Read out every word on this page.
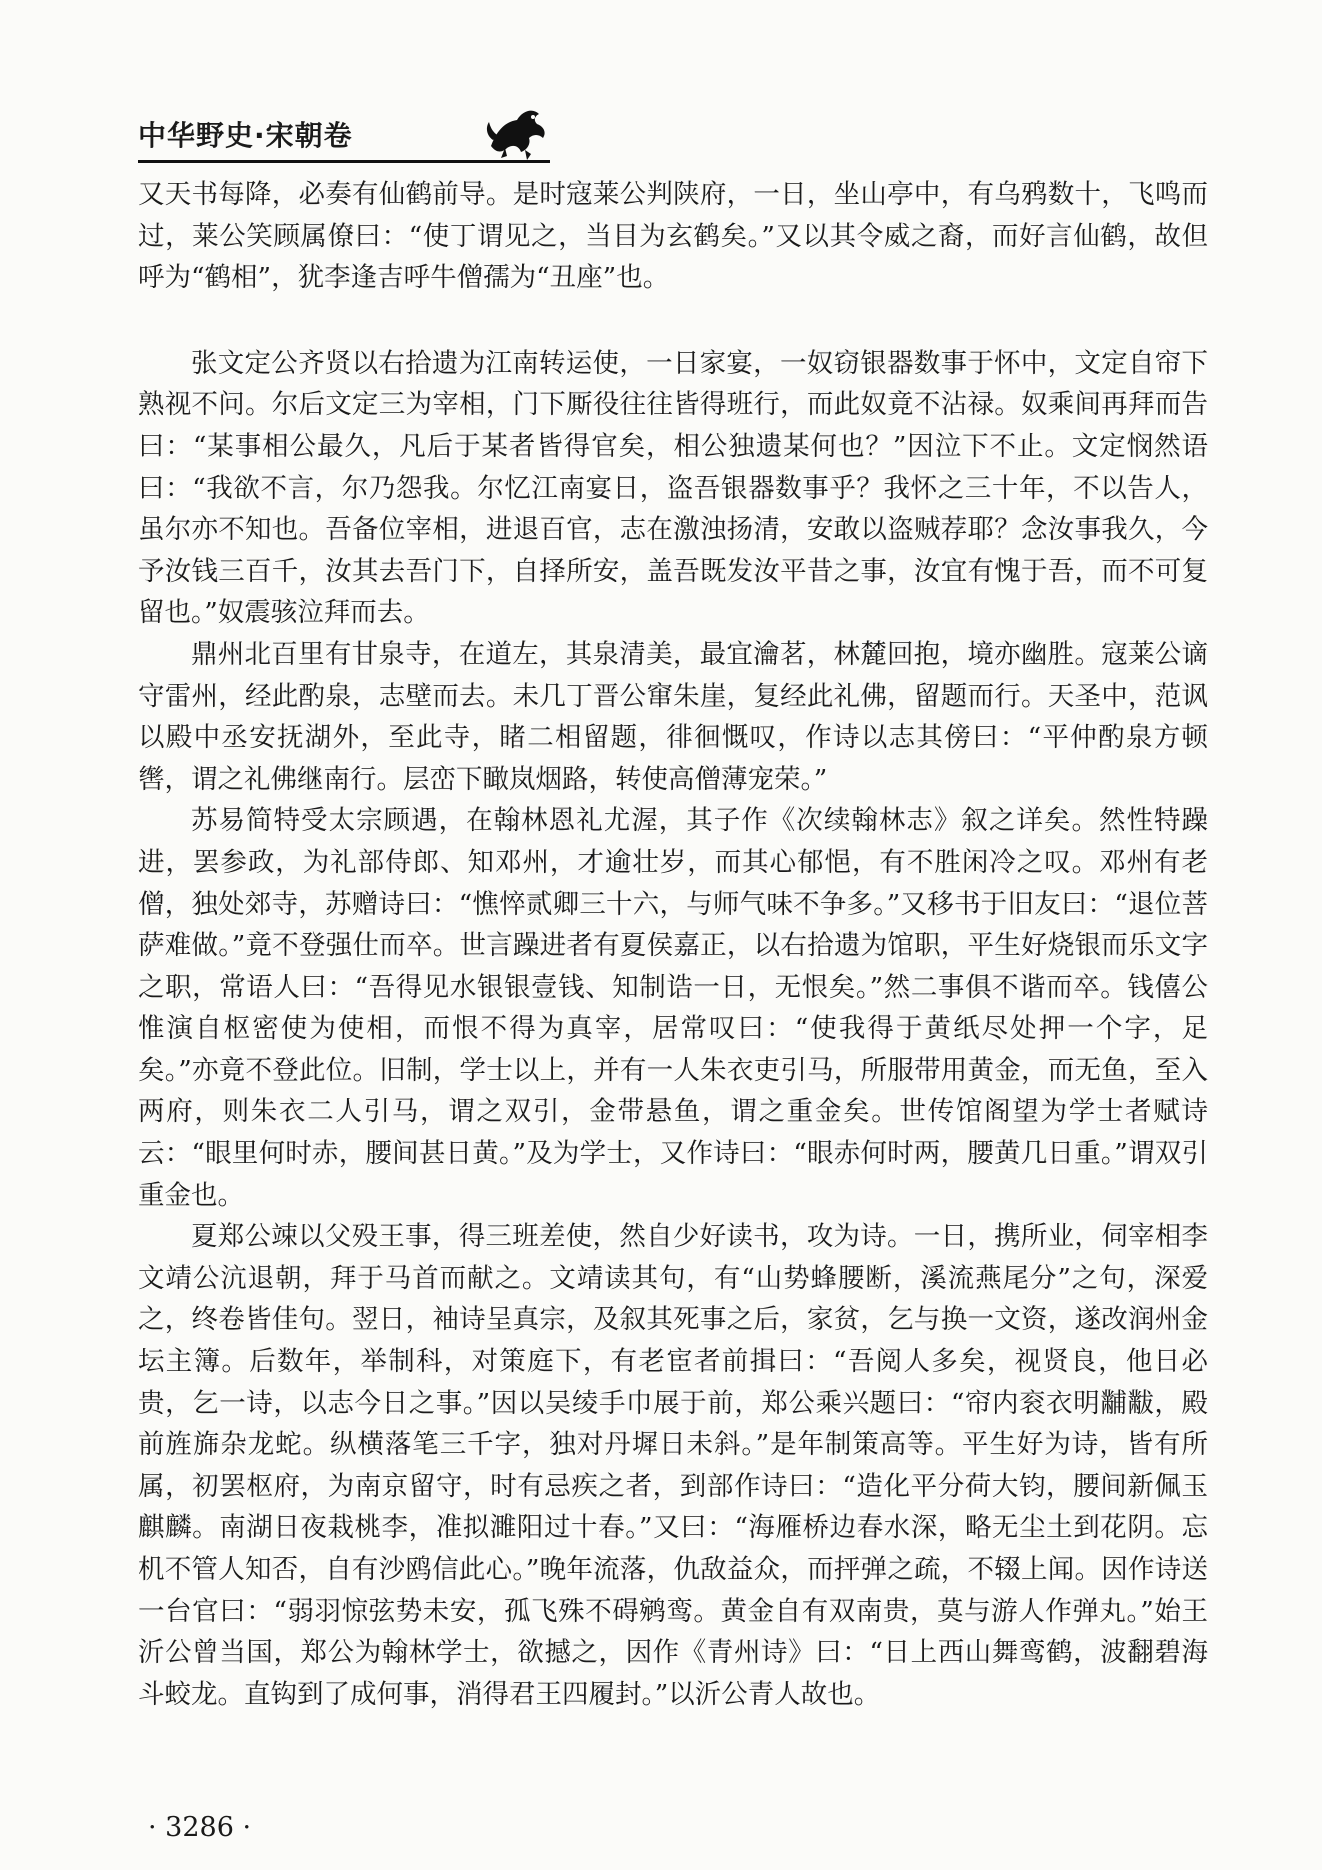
中华野史·宋朝卷

又天书每降，必奏有仙鹤前导。是时寇莱公判陕府，一日，坐山亭中，有乌鸦数十，飞鸣而过，莱公笑顾属僚曰：“使丁谓见之，当目为玄鹤矣。”又以其令威之裔，而好言仙鹤，故但呼为“鹤相”，犹李逢吉呼牛僧孺为“丑座”也。

张文定公齐贤以右拾遗为江南转运使，一日家宴，一奴窃银器数事于怀中，文定自帘下熟视不问。尔后文定三为宰相，门下厮役往往皆得班行，而此奴竟不沾禄。奴乘间再拜而告曰：“某事相公最久，凡后于某者皆得官矣，相公独遗某何也？”因泣下不止。文定悯然语曰：“我欲不言，尔乃怨我。尔忆江南宴日，盗吾银器数事乎？我怀之三十年，不以告人，虽尔亦不知也。吾备位宰相，进退百官，志在激浊扬清，安敢以盗贼荐耶？念汝事我久，今予汝钱三百千，汝其去吾门下，自择所安，盖吾既发汝平昔之事，汝宜有愧于吾，而不可复留也。”奴震骇泣拜而去。

鼎州北百里有甘泉寺，在道左，其泉清美，最宜瀹茗，林麓回抱，境亦幽胜。寇莱公谪守雷州，经此酌泉，志壁而去。未几丁晋公窜朱崖，复经此礼佛，留题而行。天圣中，范讽以殿中丞安抚湖外，至此寺，睹二相留题，徘徊慨叹，作诗以志其傍曰：“平仲酌泉方顿辔，谓之礼佛继南行。层峦下瞰岚烟路，转使高僧薄宠荣。”

苏易简特受太宗顾遇，在翰林恩礼尤渥，其子作《次续翰林志》叙之详矣。然性特躁进，罢参政，为礼部侍郎、知邓州，才逾壮岁，而其心郁悒，有不胜闲冷之叹。邓州有老僧，独处郊寺，苏赠诗曰：“憔悴贰卿三十六，与师气味不争多。”又移书于旧友曰：“退位菩萨难做。”竟不登强仕而卒。世言躁进者有夏侯嘉正，以右拾遗为馆职，平生好烧银而乐文字之职，常语人曰：“吾得见水银银壹钱、知制诰一日，无恨矣。”然二事俱不谐而卒。钱僖公惟演自枢密使为使相，而恨不得为真宰，居常叹曰：“使我得于黄纸尽处押一个字，足矣。”亦竟不登此位。旧制，学士以上，并有一人朱衣吏引马，所服带用黄金，而无鱼，至入两府，则朱衣二人引马，谓之双引，金带悬鱼，谓之重金矣。世传馆阁望为学士者赋诗云：“眼里何时赤，腰间甚日黄。”及为学士，又作诗曰：“眼赤何时两，腰黄几日重。”谓双引重金也。

夏郑公竦以父殁王事，得三班差使，然自少好读书，攻为诗。一日，携所业，伺宰相李文靖公沆退朝，拜于马首而献之。文靖读其句，有“山势蜂腰断，溪流燕尾分”之句，深爱之，终卷皆佳句。翌日，袖诗呈真宗，及叙其死事之后，家贫，乞与换一文资，遂改润州金坛主簿。后数年，举制科，对策庭下，有老宦者前揖曰：“吾阅人多矣，视贤良，他日必贵，乞一诗，以志今日之事。”因以吴绫手巾展于前，郑公乘兴题曰：“帘内衮衣明黼黻，殿前旌旆杂龙蛇。纵横落笔三千字，独对丹墀日未斜。”是年制策高等。平生好为诗，皆有所属，初罢枢府，为南京留守，时有忌疾之者，到部作诗曰：“造化平分荷大钧，腰间新佩玉麒麟。南湖日夜栽桃李，准拟濉阳过十春。”又曰：“海雁桥边春水深，略无尘土到花阴。忘机不管人知否，自有沙鸥信此心。”晚年流落，仇敌益众，而抨弹之疏，不辍上闻。因作诗送一台官曰：“弱羽惊弦势未安，孤飞殊不碍鹓鸾。黄金自有双南贵，莫与游人作弹丸。”始王沂公曾当国，郑公为翰林学士，欲撼之，因作《青州诗》曰：“日上西山舞鸾鹤，波翻碧海斗蛟龙。直钩到了成何事，消得君王四履封。”以沂公青人故也。

· 3286 ·
